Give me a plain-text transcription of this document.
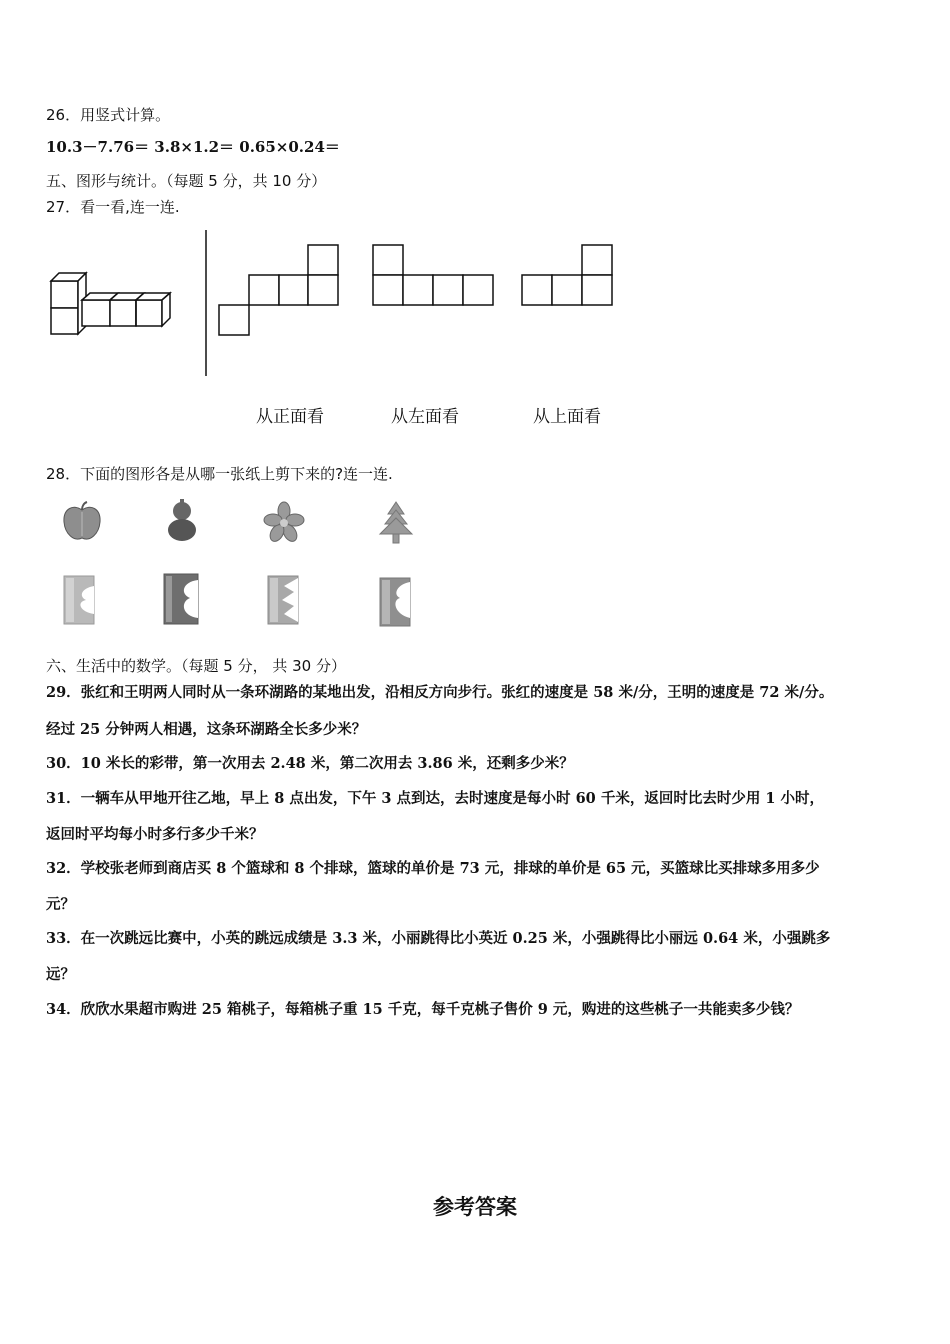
26．用竖式计算。
10.3－7.76＝ 3.8×1.2＝ 0.65×0.24＝
五、图形与统计。（每题 5 分，共 10 分）
27．看一看,连一连.
从正面看	从左面看	从上面看
28．下面的图形各是从哪一张纸上剪下来的?连一连.
六、生活中的数学。（每题 5 分， 共 30 分）
29．张红和王明两人同时从一条环湖路的某地出发，沿相反方向步行。张红的速度是 58 米/分，王明的速度是 72 米/分。
经过 25 分钟两人相遇，这条环湖路全长多少米？
30．10 米长的彩带，第一次用去 2.48 米，第二次用去 3.86 米，还剩多少米？
31．一辆车从甲地开往乙地，早上 8 点出发，下午 3 点到达，去时速度是每小时 60 千米，返回时比去时少用 1 小时，
返回时平均每小时多行多少千米？
32．学校张老师到商店买 8 个篮球和 8 个排球，篮球的单价是 73 元，排球的单价是 65 元，买篮球比买排球多用多少
元？
33．在一次跳远比赛中，小英的跳远成绩是 3.3 米，小丽跳得比小英近 0.25 米，小强跳得比小丽远 0.64 米，小强跳多
远？
34．欣欣水果超市购进 25 箱桃子，每箱桃子重 15 千克，每千克桃子售价 9 元，购进的这些桃子一共能卖多少钱？
参考答案
